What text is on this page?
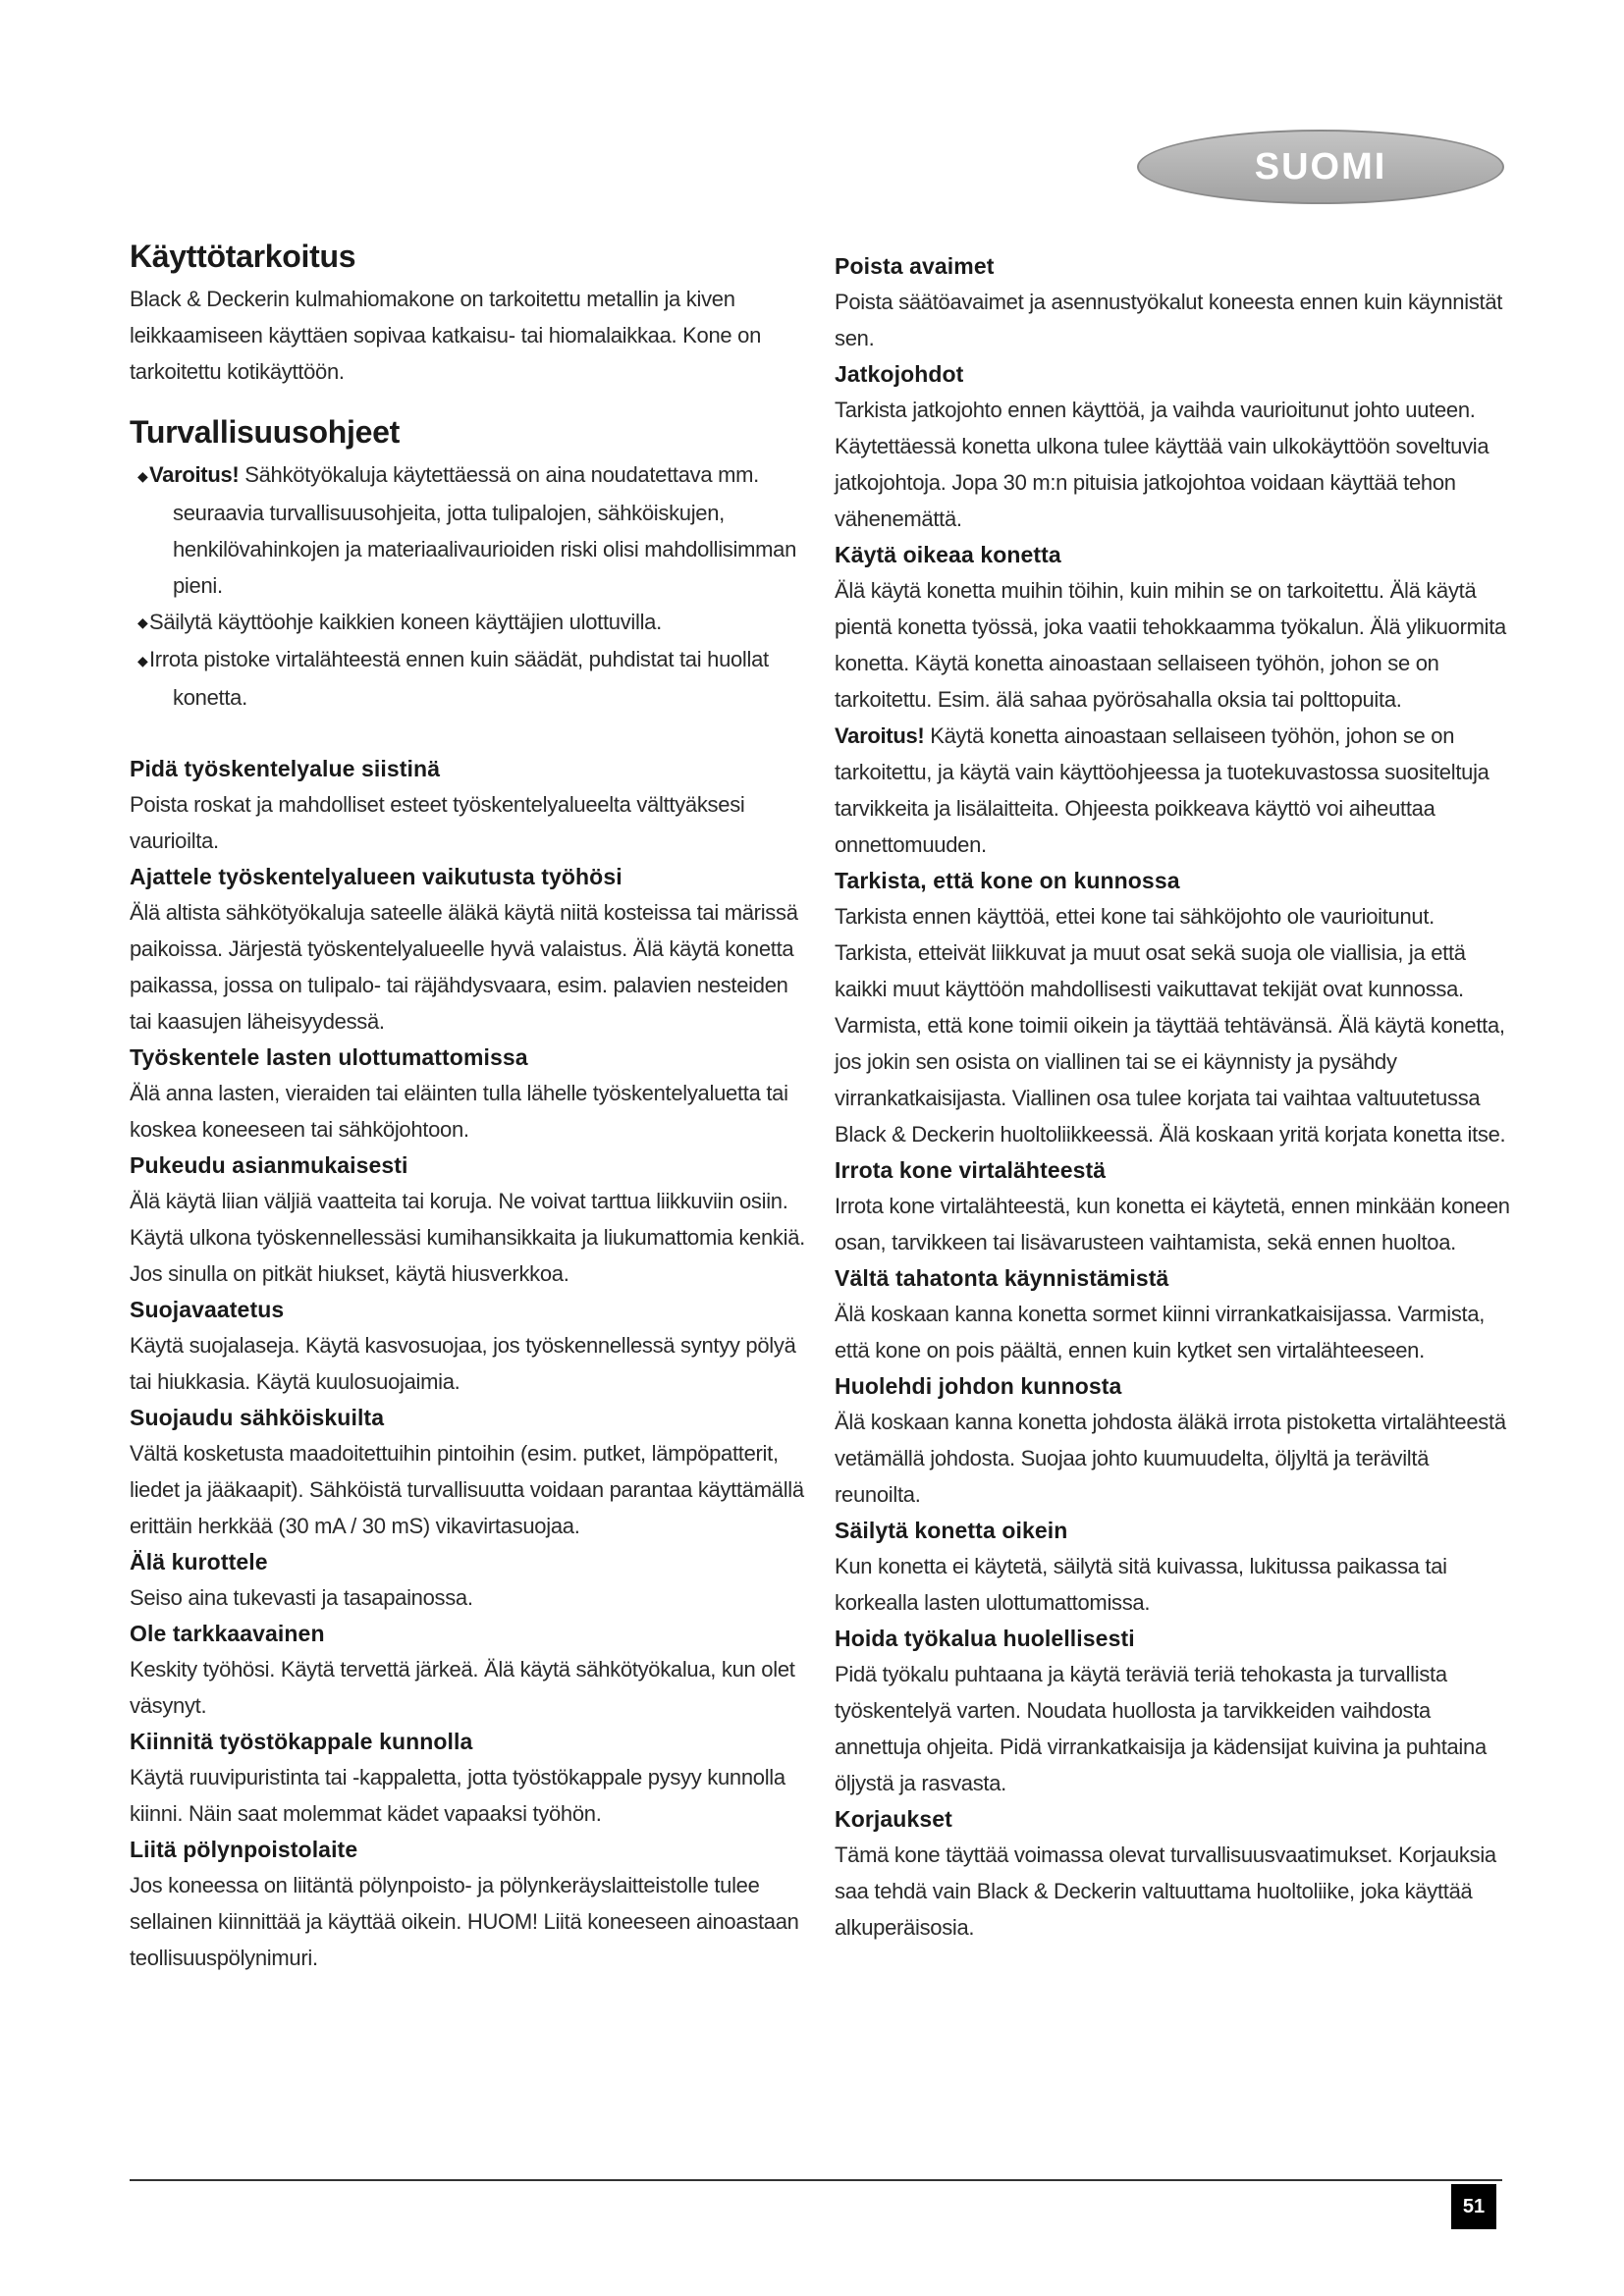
SUOMI
Käyttötarkoitus
Black & Deckerin kulmahiomakone on tarkoitettu metallin ja kiven leikkaamiseen käyttäen sopivaa katkaisu- tai hiomalaikkaa. Kone on tarkoitettu kotikäyttöön.
Turvallisuusohjeet
◆Varoitus! Sähkötyökaluja käytettäessä on aina noudatettava mm. seuraavia turvallisuusohjeita, jotta tulipalojen, sähköiskujen, henkilövahinkojen ja materiaalivaurioiden riski olisi mahdollisimman pieni.
◆Säilytä käyttöohje kaikkien koneen käyttäjien ulottuvilla.
◆Irrota pistoke virtalähteestä ennen kuin säädät, puhdistat tai huollat konetta.
Pidä työskentelyalue siistinä
Poista roskat ja mahdolliset esteet työskentelyalueelta välttyäksesi vaurioilta.
Ajattele työskentelyalueen vaikutusta työhösi
Älä altista sähkötyökaluja sateelle äläkä käytä niitä kosteissa tai märissä paikoissa. Järjestä työskentelyalueelle hyvä valaistus. Älä käytä konetta paikassa, jossa on tulipalo- tai räjähdysvaara, esim. palavien nesteiden tai kaasujen läheisyydessä.
Työskentele lasten ulottumattomissa
Älä anna lasten, vieraiden tai eläinten tulla lähelle työskentelyaluetta tai koskea koneeseen tai sähköjohtoon.
Pukeudu asianmukaisesti
Älä käytä liian väljiä vaatteita tai koruja. Ne voivat tarttua liikkuviin osiin. Käytä ulkona työskennellessäsi kumihansikkaita ja liukumattomia kenkiä. Jos sinulla on pitkät hiukset, käytä hiusverkkoa.
Suojavaatetus
Käytä suojalaseja. Käytä kasvosuojaa, jos työskennellessä syntyy pölyä tai hiukkasia. Käytä kuulosuojaimia.
Suojaudu sähköiskuilta
Vältä kosketusta maadoitettuihin pintoihin (esim. putket, lämpöpatterit, liedet ja jääkaapit). Sähköistä turvallisuutta voidaan parantaa käyttämällä erittäin herkkää (30 mA / 30 mS) vikavirtasuojaa.
Älä kurottele
Seiso aina tukevasti ja tasapainossa.
Ole tarkkaavainen
Keskity työhösi. Käytä tervettä järkeä. Älä käytä sähkötyökalua, kun olet väsynyt.
Kiinnitä työstökappale kunnolla
Käytä ruuvipuristinta tai -kappaletta, jotta työstökappale pysyy kunnolla kiinni. Näin saat molemmat kädet vapaaksi työhön.
Liitä pölynpoistolaite
Jos koneessa on liitäntä pölynpoisto- ja pölynkeräyslaitteistolle tulee sellainen kiinnittää ja käyttää oikein. HUOM! Liitä koneeseen ainoastaan teollisuuspölynimuri.
Poista avaimet
Poista säätöavaimet ja asennustyökalut koneesta ennen kuin käynnistät sen.
Jatkojohdot
Tarkista jatkojohto ennen käyttöä, ja vaihda vaurioitunut johto uuteen. Käytettäessä konetta ulkona tulee käyttää vain ulkokäyttöön soveltuvia jatkojohtoja. Jopa 30 m:n pituisia jatkojohtoa voidaan käyttää tehon vähenemättä.
Käytä oikeaa konetta
Älä käytä konetta muihin töihin, kuin mihin se on tarkoitettu. Älä käytä pientä konetta työssä, joka vaatii tehokkaamma työkalun. Älä ylikuormita konetta. Käytä konetta ainoastaan sellaiseen työhön, johon se on tarkoitettu. Esim. älä sahaa pyörösahalla oksia tai polttopuita.
Varoitus! Käytä konetta ainoastaan sellaiseen työhön, johon se on tarkoitettu, ja käytä vain käyttöohjeessa ja tuotekuvastossa suositeltuja tarvikkeita ja lisälaitteita. Ohjeesta poikkeava käyttö voi aiheuttaa onnettomuuden.
Tarkista, että kone on kunnossa
Tarkista ennen käyttöä, ettei kone tai sähköjohto ole vaurioitunut. Tarkista, etteivät liikkuvat ja muut osat sekä suoja ole viallisia, ja että kaikki muut käyttöön mahdollisesti vaikuttavat tekijät ovat kunnossa. Varmista, että kone toimii oikein ja täyttää tehtävänsä. Älä käytä konetta, jos jokin sen osista on viallinen tai se ei käynnisty ja pysähdy virrankatkaisijasta. Viallinen osa tulee korjata tai vaihtaa valtuutetussa Black & Deckerin huoltoliikkeessä. Älä koskaan yritä korjata konetta itse.
Irrota kone virtalähteestä
Irrota kone virtalähteestä, kun konetta ei käytetä, ennen minkään koneen osan, tarvikkeen tai lisävarusteen vaihtamista, sekä ennen huoltoa.
Vältä tahatonta käynnistämistä
Älä koskaan kanna konetta sormet kiinni virrankatkaisijassa. Varmista, että kone on pois päältä, ennen kuin kytket sen virtalähteeseen.
Huolehdi johdon kunnosta
Älä koskaan kanna konetta johdosta äläkä irrota pistoketta virtalähteestä vetämällä johdosta. Suojaa johto kuumuudelta, öljyltä ja teräviltä reunoilta.
Säilytä konetta oikein
Kun konetta ei käytetä, säilytä sitä kuivassa, lukitussa paikassa tai korkealla lasten ulottumattomissa.
Hoida työkalua huolellisesti
Pidä työkalu puhtaana ja käytä teräviä teriä tehokasta ja turvallista työskentelyä varten. Noudata huollosta ja tarvikkeiden vaihdosta annettuja ohjeita. Pidä virrankatkaisija ja kädensijat kuivina ja puhtaina öljystä ja rasvasta.
Korjaukset
Tämä kone täyttää voimassa olevat turvallisuusvaatimukset. Korjauksia saa tehdä vain Black & Deckerin valtuuttama huoltoliike, joka käyttää alkuperäisosia.
51
